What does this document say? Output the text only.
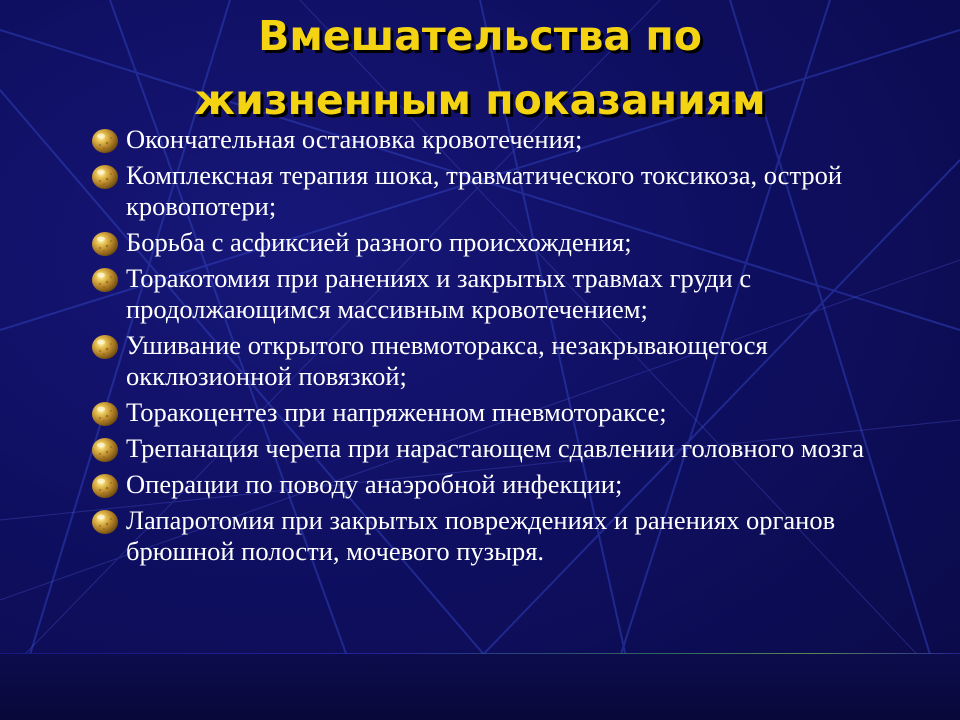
Вмешательства по
жизненным показаниям
Окончательная остановка кровотечения;
Комплексная терапия шока, травматического токсикоза, острой кровопотери;
Борьба с асфиксией разного происхождения;
Торакотомия при ранениях и закрытых травмах груди с продолжающимся массивным кровотечением;
Ушивание открытого пневмоторакса, незакрывающегося окклюзионной повязкой;
Торакоцентез при напряженном пневмотораксе;
Трепанация черепа при нарастающем сдавлении головного мозга
Операции по поводу анаэробной инфекции;
Лапаротомия при закрытых повреждениях и ранениях органов брюшной полости, мочевого пузыря.
